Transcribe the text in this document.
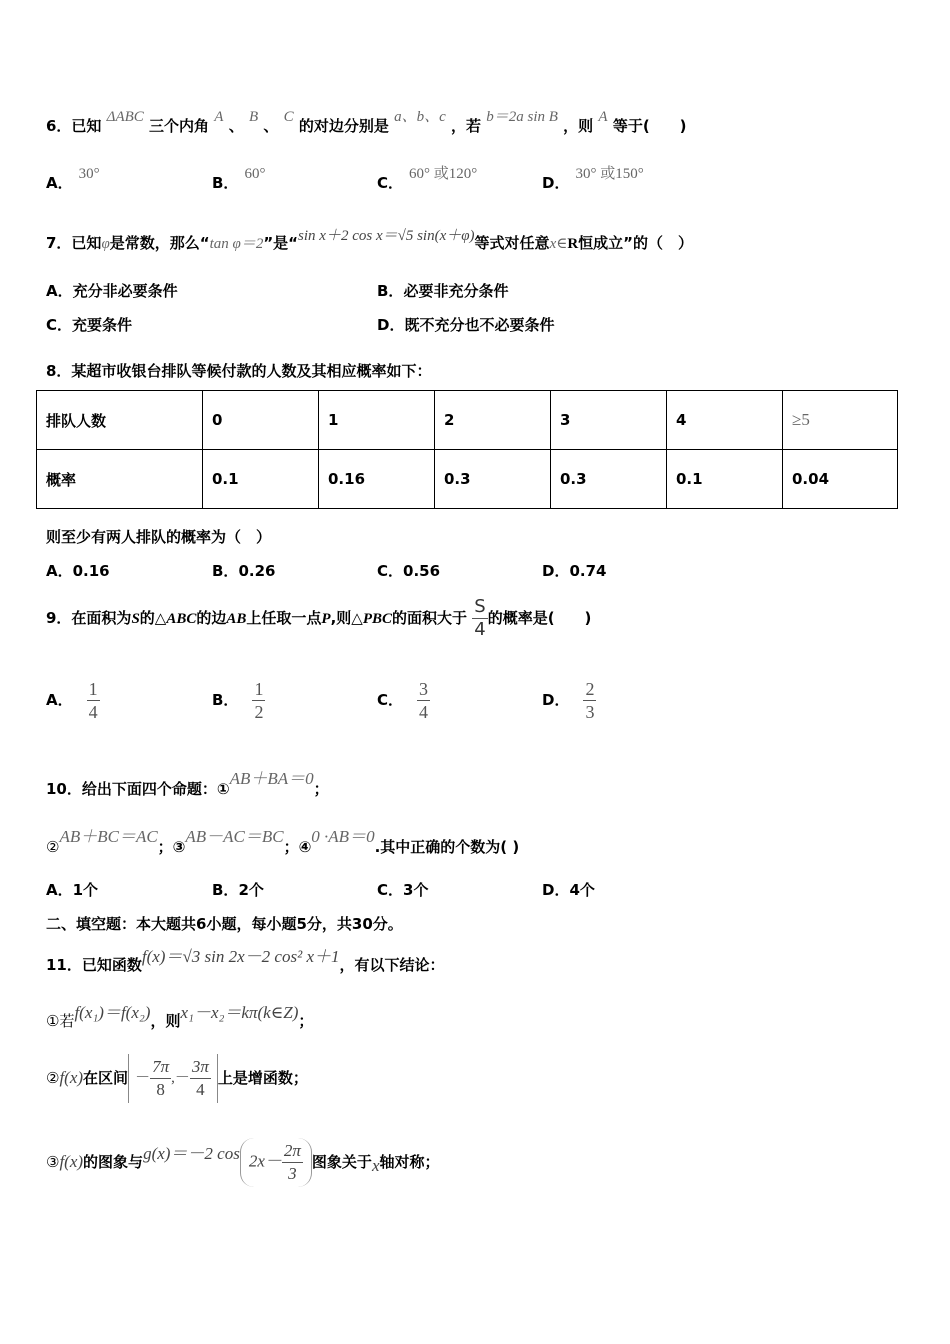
6．已知 ΔABC 三个内角 A 、 B 、 C 的对边分别是 a、b、c ，若 b＝2a sin B ，则 A 等于(　　)
A． 30°	B． 60°	C． 60° 或120°	D． 30° 或150°
7．已知φ是常数，那么“tan φ＝2”是“sin x＋2 cos x＝√5 sin(x＋φ)等式对任意x∈R恒成立”的（　）
A．充分非必要条件	B．必要非充分条件
C．充要条件	D．既不充分也不必要条件
8．某超市收银台排队等候付款的人数及其相应概率如下：
排队人数	0	1	2	3	4	≥5
概率	0.1	0.16	0.3	0.3	0.1	0.04
则至少有两人排队的概率为（　）
A．0.16	B．0.26	C．0.56	D．0.74
9．在面积为S的△ABC的边AB上任取一点P,则△PBC的面积大于 $\frac{S}{4}$ 的概率是(　　)
A． $\frac{1}{4}$	B． $\frac{1}{2}$	C． $\frac{3}{4}$	D． $\frac{2}{3}$
10．给出下面四个命题：①AB＋BA＝0；
②AB＋BC＝AC；③AB－AC＝BC；④0 ·AB＝0.其中正确的个数为( )
A．1个	B．2个	C．3个	D．4个
二、填空题：本大题共6小题，每小题5分，共30分。
11．已知函数f(x)＝√3 sin 2x－2 cos² x＋1，有以下结论：
①若f(x₁)＝f(x₂)，则x₁－x₂＝kπ(k∈Z)；
②f(x)在区间 － $\frac{7\pi}{8}$ ,－ $\frac{3\pi}{4}$ 上是增函数；
③f(x)的图象与g(x)＝－2 $\cos 2x- \frac{2\pi}{3}$ 图象关于x轴对称；
